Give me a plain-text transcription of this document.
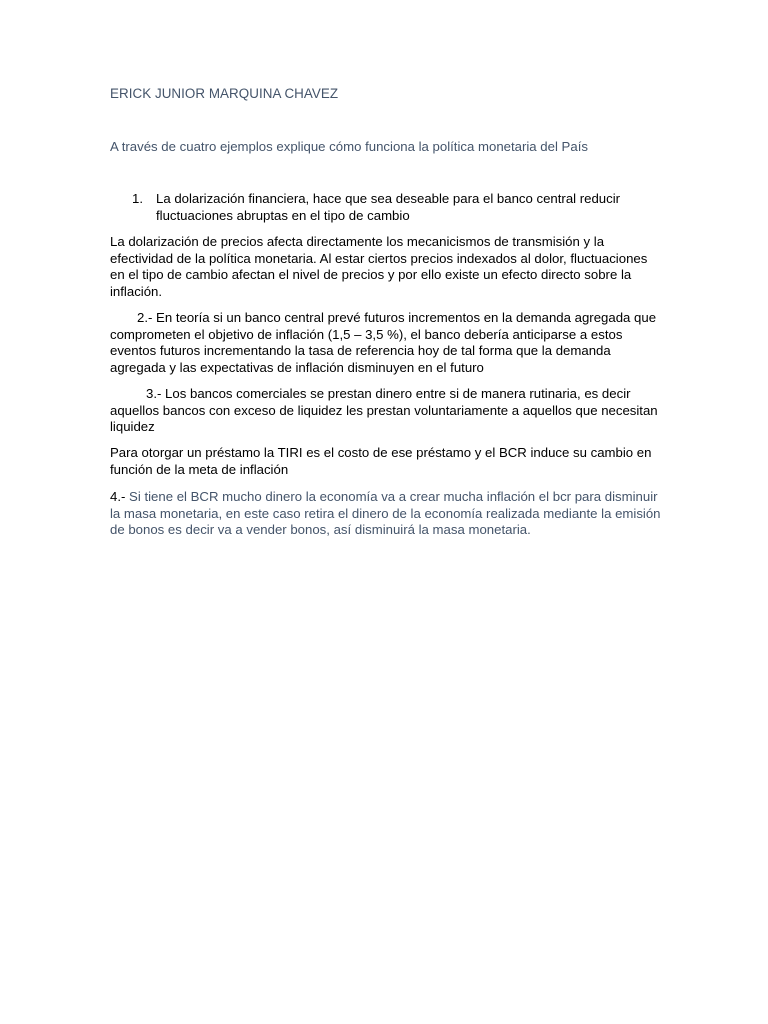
ERICK JUNIOR MARQUINA CHAVEZ
A través de cuatro ejemplos explique cómo funciona la política monetaria del País
1. La dolarización financiera, hace que sea deseable para el banco central reducir fluctuaciones abruptas en el tipo de cambio

La dolarización de precios afecta directamente los mecanicismos de transmisión y la efectividad de la política monetaria. Al estar ciertos precios indexados al dolor, fluctuaciones en el tipo de cambio afectan el nivel de precios y por ello existe un efecto directo sobre la inflación.

2.- En teoría si un banco central prevé futuros incrementos en la demanda agregada que comprometen el objetivo de inflación (1,5 – 3,5 %), el banco debería anticiparse a estos eventos futuros incrementando la tasa de referencia hoy de tal forma que la demanda agregada y las expectativas de inflación disminuyen en el futuro

3.- Los bancos comerciales se prestan dinero entre si de manera rutinaria, es decir aquellos bancos con exceso de liquidez les prestan voluntariamente a aquellos que necesitan liquidez

Para otorgar un préstamo la TIRI es el costo de ese préstamo y el BCR induce su cambio en función de la meta de inflación

4.- Si tiene el BCR mucho dinero la economía va a crear mucha inflación el bcr para disminuir la masa monetaria, en este caso retira el dinero de la economía realizada mediante la emisión de bonos es decir va a vender bonos, así disminuirá la masa monetaria.
